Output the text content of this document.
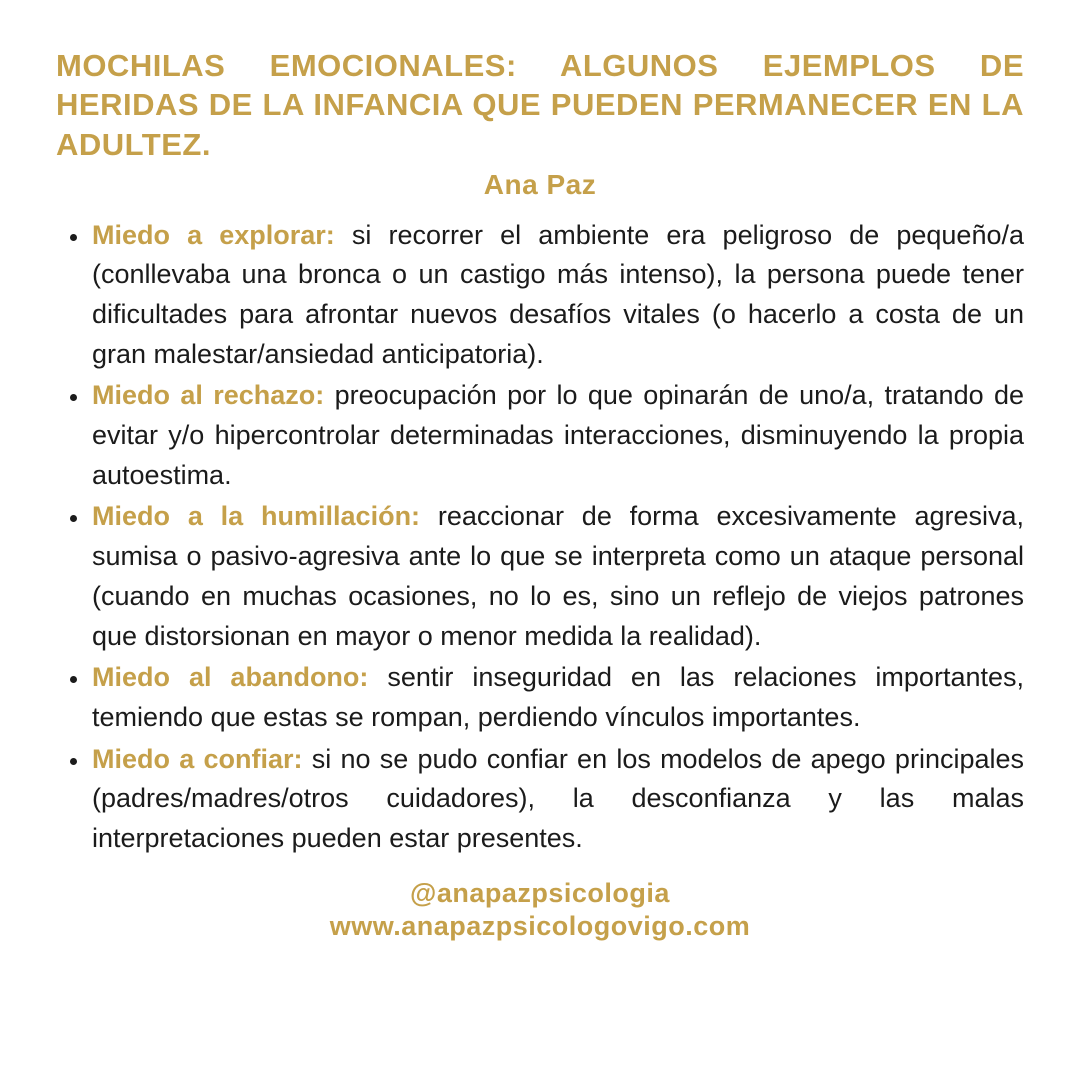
MOCHILAS EMOCIONALES: ALGUNOS EJEMPLOS DE HERIDAS DE LA INFANCIA QUE PUEDEN PERMANECER EN LA ADULTEZ.
Ana Paz
• Miedo a explorar: si recorrer el ambiente era peligroso de pequeño/a (conllevaba una bronca o un castigo más intenso), la persona puede tener dificultades para afrontar nuevos desafíos vitales (o hacerlo a costa de un gran malestar/ansiedad anticipatoria).
• Miedo al rechazo: preocupación por lo que opinarán de uno/a, tratando de evitar y/o hipercontrolar determinadas interacciones, disminuyendo la propia autoestima.
• Miedo a la humillación: reaccionar de forma excesivamente agresiva, sumisa o pasivo-agresiva ante lo que se interpreta como un ataque personal (cuando en muchas ocasiones, no lo es, sino un reflejo de viejos patrones que distorsionan en mayor o menor medida la realidad).
• Miedo al abandono: sentir inseguridad en las relaciones importantes, temiendo que estas se rompan, perdiendo vínculos importantes.
• Miedo a confiar: si no se pudo confiar en los modelos de apego principales (padres/madres/otros cuidadores), la desconfianza y las malas interpretaciones pueden estar presentes.
@anapazpsicologia
www.anapazpsicologovigo.com
